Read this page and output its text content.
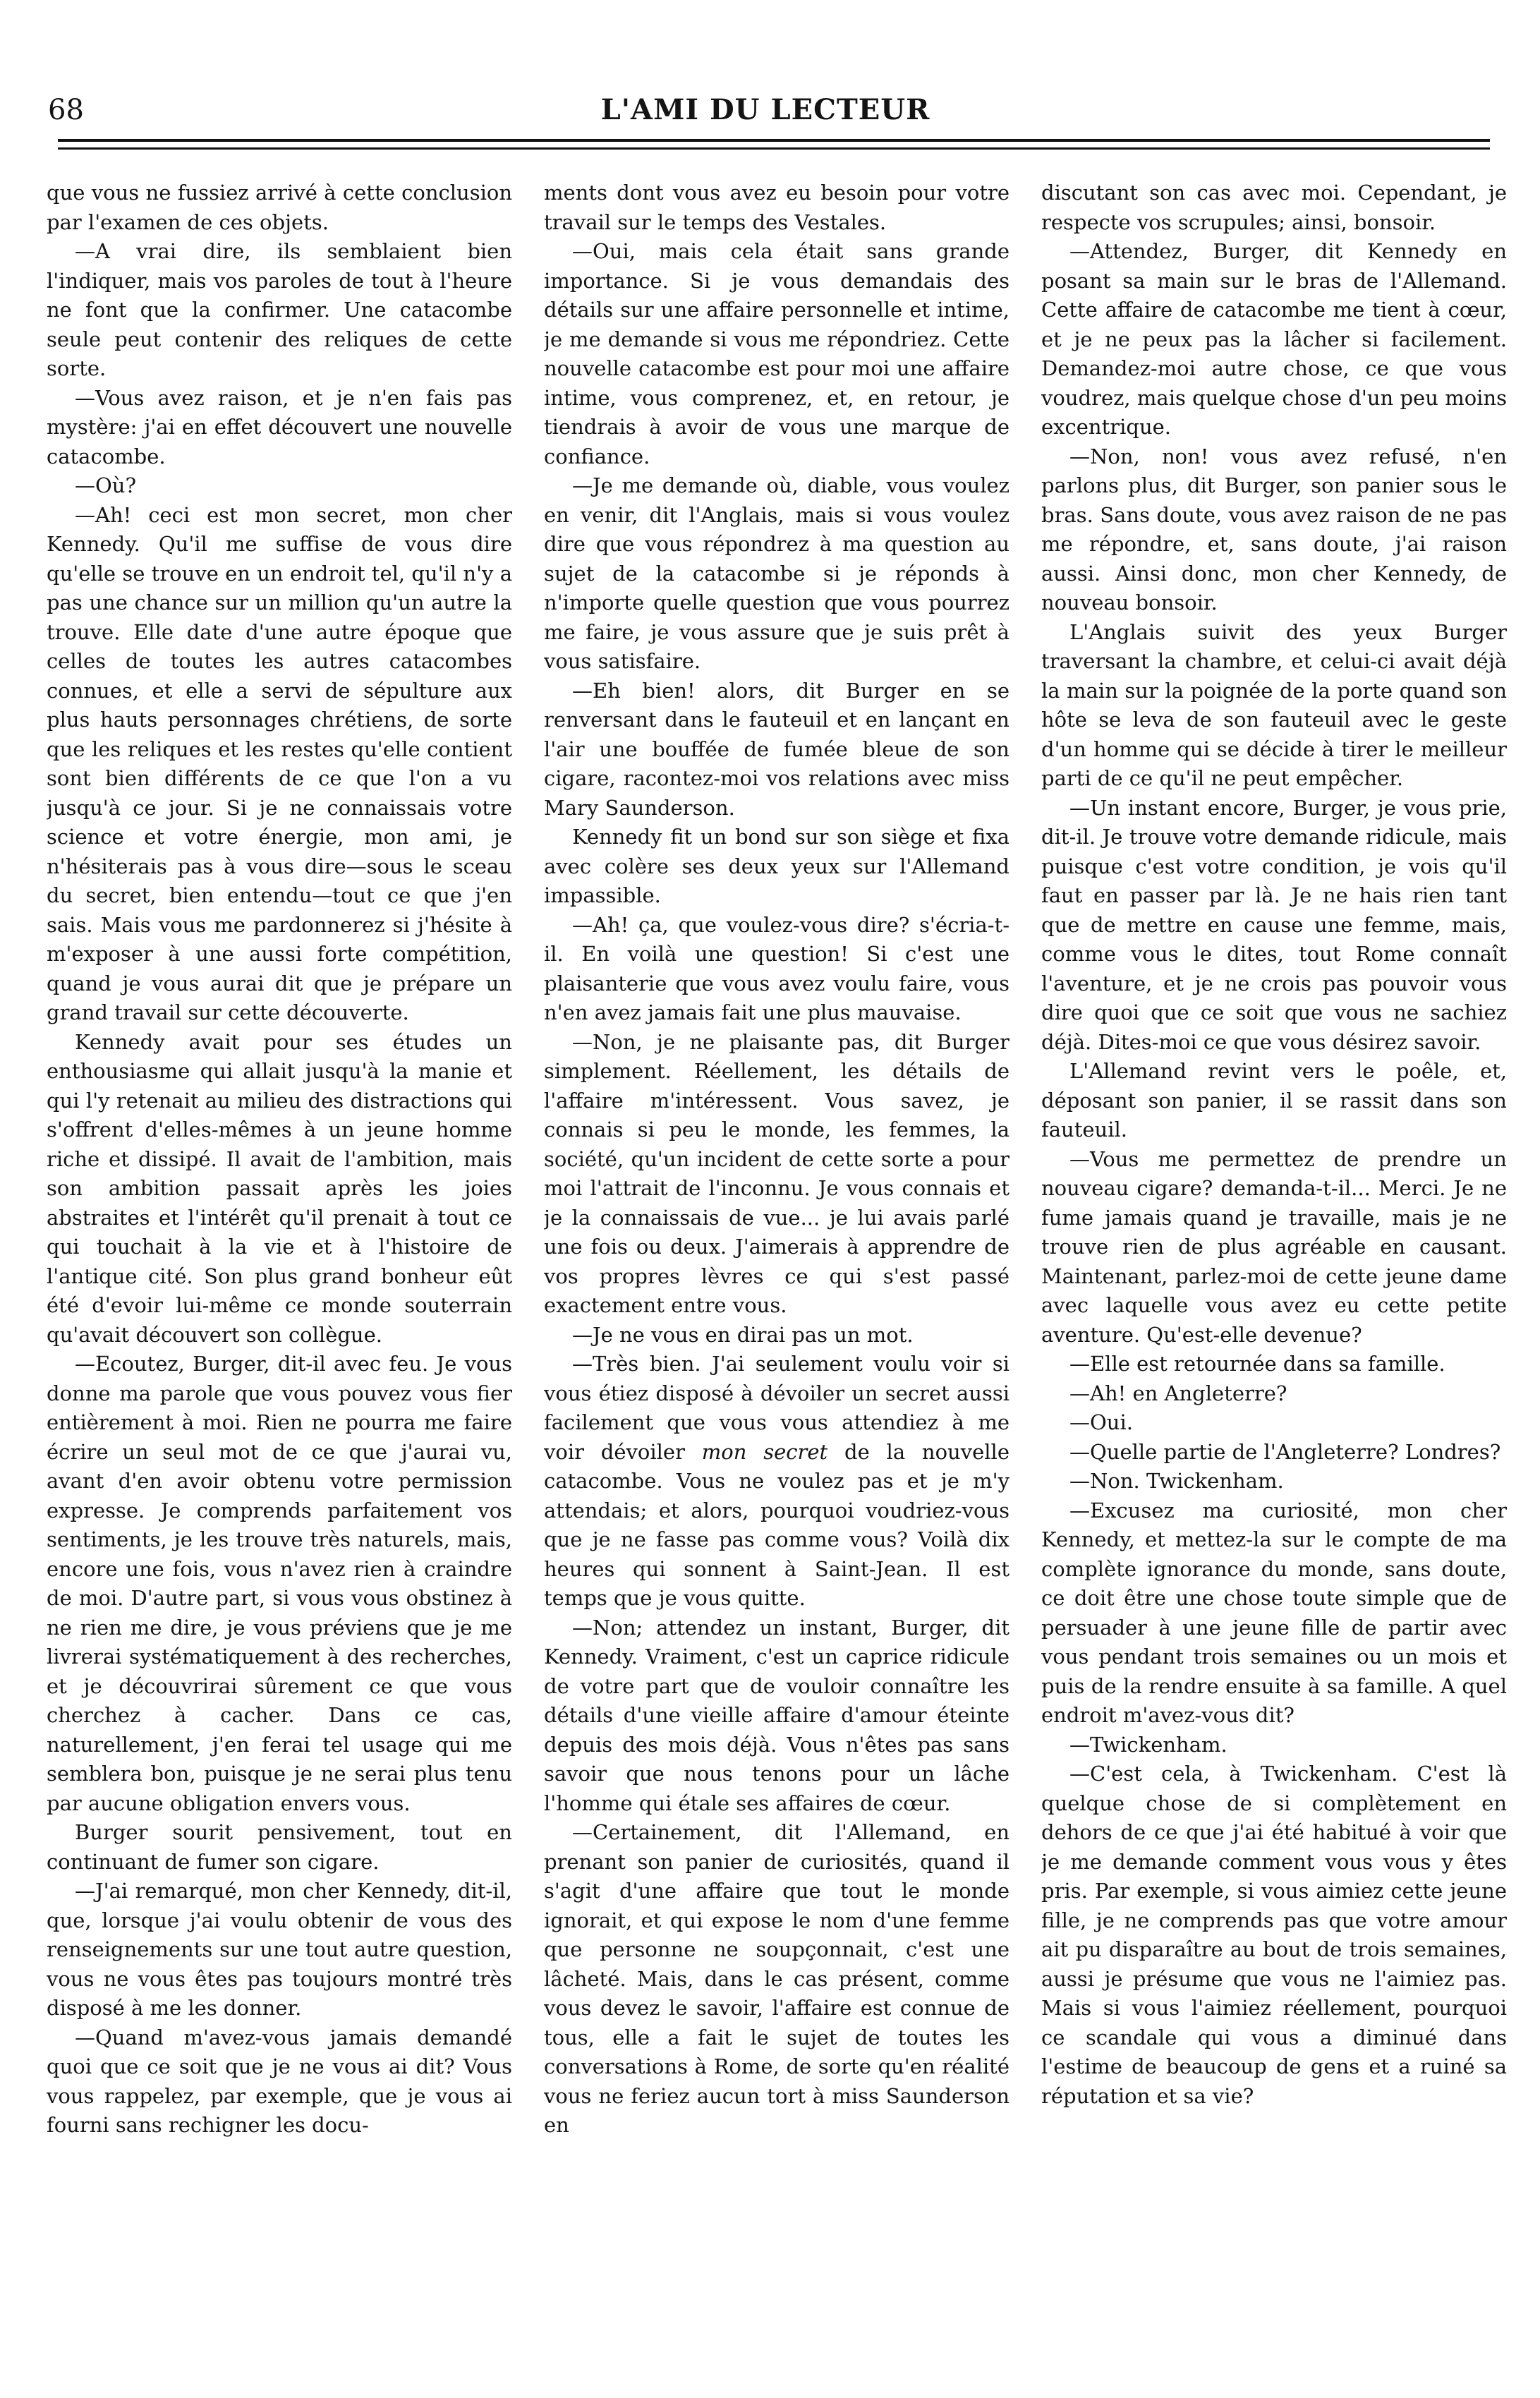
68	L'AMI DU LECTEUR

que vous ne fussiez arrivé à cette conclusion par l'examen de ces objets.

—A vrai dire, ils semblaient bien l'indiquer, mais vos paroles de tout à l'heure ne font que la confirmer. Une catacombe seule peut contenir des reliques de cette sorte.

—Vous avez raison, et je n'en fais pas mystère: j'ai en effet découvert une nouvelle catacombe.

—Où?

—Ah! ceci est mon secret, mon cher Kennedy. Qu'il me suffise de vous dire qu'elle se trouve en un endroit tel, qu'il n'y a pas une chance sur un million qu'un autre la trouve. Elle date d'une autre époque que celles de toutes les autres catacombes connues, et elle a servi de sépulture aux plus hauts personnages chrétiens, de sorte que les reliques et les restes qu'elle contient sont bien différents de ce que l'on a vu jusqu'à ce jour. Si je ne connaissais votre science et votre énergie, mon ami, je n'hésiterais pas à vous dire—sous le sceau du secret, bien entendu—tout ce que j'en sais. Mais vous me pardonnerez si j'hésite à m'exposer à une aussi forte compétition, quand je vous aurai dit que je prépare un grand travail sur cette découverte.

Kennedy avait pour ses études un enthousiasme qui allait jusqu'à la manie et qui l'y retenait au milieu des distractions qui s'offrent d'elles-mêmes à un jeune homme riche et dissipé. Il avait de l'ambition, mais son ambition passait après les joies abstraites et l'intérêt qu'il prenait à tout ce qui touchait à la vie et à l'histoire de l'antique cité. Son plus grand bonheur eût été d'evoir lui-même ce monde souterrain qu'avait découvert son collègue.

—Ecoutez, Burger, dit-il avec feu. Je vous donne ma parole que vous pouvez vous fier entièrement à moi. Rien ne pourra me faire écrire un seul mot de ce que j'aurai vu, avant d'en avoir obtenu votre permission expresse. Je comprends parfaitement vos sentiments, je les trouve très naturels, mais, encore une fois, vous n'avez rien à craindre de moi. D'autre part, si vous vous obstinez à ne rien me dire, je vous préviens que je me livrerai systématiquement à des recherches, et je découvrirai sûrement ce que vous cherchez à cacher. Dans ce cas, naturellement, j'en ferai tel usage qui me semblera bon, puisque je ne serai plus tenu par aucune obligation envers vous.

Burger sourit pensivement, tout en continuant de fumer son cigare.

—J'ai remarqué, mon cher Kennedy, dit-il, que, lorsque j'ai voulu obtenir de vous des renseignements sur une tout autre question, vous ne vous êtes pas toujours montré très disposé à me les donner.

—Quand m'avez-vous jamais demandé quoi que ce soit que je ne vous ai dit? Vous vous rappelez, par exemple, que je vous ai fourni sans rechigner les docu-

ments dont vous avez eu besoin pour votre travail sur le temps des Vestales.

—Oui, mais cela était sans grande importance. Si je vous demandais des détails sur une affaire personnelle et intime, je me demande si vous me répondriez. Cette nouvelle catacombe est pour moi une affaire intime, vous comprenez, et, en retour, je tiendrais à avoir de vous une marque de confiance.

—Je me demande où, diable, vous voulez en venir, dit l'Anglais, mais si vous voulez dire que vous répondrez à ma question au sujet de la catacombe si je réponds à n'importe quelle question que vous pourrez me faire, je vous assure que je suis prêt à vous satisfaire.

—Eh bien! alors, dit Burger en se renversant dans le fauteuil et en lançant en l'air une bouffée de fumée bleue de son cigare, racontez-moi vos relations avec miss Mary Saunderson.

Kennedy fit un bond sur son siège et fixa avec colère ses deux yeux sur l'Allemand impassible.

—Ah! ça, que voulez-vous dire? s'écria-t-il. En voilà une question! Si c'est une plaisanterie que vous avez voulu faire, vous n'en avez jamais fait une plus mauvaise.

—Non, je ne plaisante pas, dit Burger simplement. Réellement, les détails de l'affaire m'intéressent. Vous savez, je connais si peu le monde, les femmes, la société, qu'un incident de cette sorte a pour moi l'attrait de l'inconnu. Je vous connais et je la connaissais de vue... je lui avais parlé une fois ou deux. J'aimerais à apprendre de vos propres lèvres ce qui s'est passé exactement entre vous.

—Je ne vous en dirai pas un mot.

—Très bien. J'ai seulement voulu voir si vous étiez disposé à dévoiler un secret aussi facilement que vous vous attendiez à me voir dévoiler mon secret de la nouvelle catacombe. Vous ne voulez pas et je m'y attendais; et alors, pourquoi voudriez-vous que je ne fasse pas comme vous? Voilà dix heures qui sonnent à Saint-Jean. Il est temps que je vous quitte.

—Non; attendez un instant, Burger, dit Kennedy. Vraiment, c'est un caprice ridicule de votre part que de vouloir connaître les détails d'une vieille affaire d'amour éteinte depuis des mois déjà. Vous n'êtes pas sans savoir que nous tenons pour un lâche l'homme qui étale ses affaires de cœur.

—Certainement, dit l'Allemand, en prenant son panier de curiosités, quand il s'agit d'une affaire que tout le monde ignorait, et qui expose le nom d'une femme que personne ne soupçonnait, c'est une lâcheté. Mais, dans le cas présent, comme vous devez le savoir, l'affaire est connue de tous, elle a fait le sujet de toutes les conversations à Rome, de sorte qu'en réalité vous ne feriez aucun tort à miss Saunderson en

discutant son cas avec moi. Cependant, je respecte vos scrupules; ainsi, bonsoir.

—Attendez, Burger, dit Kennedy en posant sa main sur le bras de l'Allemand. Cette affaire de catacombe me tient à cœur, et je ne peux pas la lâcher si facilement. Demandez-moi autre chose, ce que vous voudrez, mais quelque chose d'un peu moins excentrique.

—Non, non! vous avez refusé, n'en parlons plus, dit Burger, son panier sous le bras. Sans doute, vous avez raison de ne pas me répondre, et, sans doute, j'ai raison aussi. Ainsi donc, mon cher Kennedy, de nouveau bonsoir.

L'Anglais suivit des yeux Burger traversant la chambre, et celui-ci avait déjà la main sur la poignée de la porte quand son hôte se leva de son fauteuil avec le geste d'un homme qui se décide à tirer le meilleur parti de ce qu'il ne peut empêcher.

—Un instant encore, Burger, je vous prie, dit-il. Je trouve votre demande ridicule, mais puisque c'est votre condition, je vois qu'il faut en passer par là. Je ne hais rien tant que de mettre en cause une femme, mais, comme vous le dites, tout Rome connaît l'aventure, et je ne crois pas pouvoir vous dire quoi que ce soit que vous ne sachiez déjà. Dites-moi ce que vous désirez savoir.

L'Allemand revint vers le poêle, et, déposant son panier, il se rassit dans son fauteuil.

—Vous me permettez de prendre un nouveau cigare? demanda-t-il... Merci. Je ne fume jamais quand je travaille, mais je ne trouve rien de plus agréable en causant. Maintenant, parlez-moi de cette jeune dame avec laquelle vous avez eu cette petite aventure. Qu'est-elle devenue?

—Elle est retournée dans sa famille.

—Ah! en Angleterre?

—Oui.

—Quelle partie de l'Angleterre? Londres?

—Non. Twickenham.

—Excusez ma curiosité, mon cher Kennedy, et mettez-la sur le compte de ma complète ignorance du monde, sans doute, ce doit être une chose toute simple que de persuader à une jeune fille de partir avec vous pendant trois semaines ou un mois et puis de la rendre ensuite à sa famille. A quel endroit m'avez-vous dit?

—Twickenham.

—C'est cela, à Twickenham. C'est là quelque chose de si complètement en dehors de ce que j'ai été habitué à voir que je me demande comment vous vous y êtes pris. Par exemple, si vous aimiez cette jeune fille, je ne comprends pas que votre amour ait pu disparaître au bout de trois semaines, aussi je présume que vous ne l'aimiez pas. Mais si vous l'aimiez réellement, pourquoi ce scandale qui vous a diminué dans l'estime de beaucoup de gens et a ruiné sa réputation et sa vie?
